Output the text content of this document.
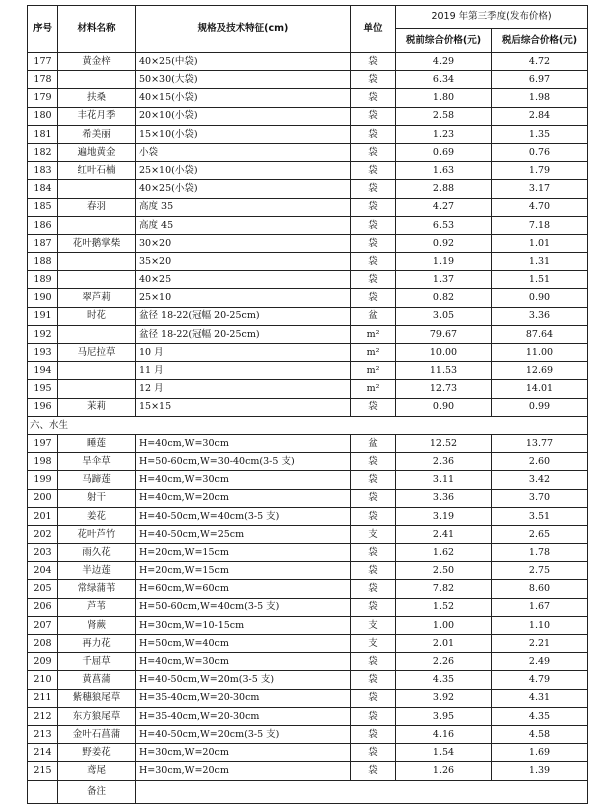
序号	材料名称	规格及技术特征(cm)	单位	2019 年第三季度(发布价格)	
				税前综合价格(元)	税后综合价格(元)
177	黄金梓	40×25(中袋)	袋	4.29	4.72
178		50×30(大袋)	袋	6.34	6.97
179	扶桑	40×15(小袋)	袋	1.80	1.98
180	丰花月季	20×10(小袋)	袋	2.58	2.84
181	希美丽	15×10(小袋)	袋	1.23	1.35
182	遍地黄金	小袋	袋	0.69	0.76
183	红叶石楠	25×10(小袋)	袋	1.63	1.79
184		40×25(小袋)	袋	2.88	3.17
185	春羽	高度 35	袋	4.27	4.70
186		高度 45	袋	6.53	7.18
187	花叶鹅掌柴	30×20	袋	0.92	1.01
188		35×20	袋	1.19	1.31
189		40×25	袋	1.37	1.51
190	翠芦莉	25×10	袋	0.82	0.90
191	时花	盆径 18-22(冠幅 20-25cm)	盆	3.05	3.36
192		盆径 18-22(冠幅 20-25cm)	m²	79.67	87.64
193	马尼拉草	10 月	m²	10.00	11.00
194		11 月	m²	11.53	12.69
195		12 月	m²	12.73	14.01
196	茉莉	15×15	袋	0.90	0.99
六、水生					
197	睡莲	H=40cm,W=30cm	盆	12.52	13.77
198	旱伞草	H=50-60cm,W=30-40cm(3-5 支)	袋	2.36	2.60
199	马蹄莲	H=40cm,W=30cm	袋	3.11	3.42
200	射干	H=40cm,W=20cm	袋	3.36	3.70
201	姜花	H=40-50cm,W=40cm(3-5 支)	袋	3.19	3.51
202	花叶芦竹	H=40-50cm,W=25cm	支	2.41	2.65
203	雨久花	H=20cm,W=15cm	袋	1.62	1.78
204	半边莲	H=20cm,W=15cm	袋	2.50	2.75
205	常绿蒲苇	H=60cm,W=60cm	袋	7.82	8.60
206	芦苇	H=50-60cm,W=40cm(3-5 支)	袋	1.52	1.67
207	肾蕨	H=30cm,W=10-15cm	支	1.00	1.10
208	再力花	H=50cm,W=40cm	支	2.01	2.21
209	千屈草	H=40cm,W=30cm	袋	2.26	2.49
210	黄菖蒲	H=40-50cm,W=20m(3-5 支)	袋	4.35	4.79
211	紫穗狼尾草	H=35-40cm,W=20-30cm	袋	3.92	4.31
212	东方狼尾草	H=35-40cm,W=20-30cm	袋	3.95	4.35
213	金叶石菖蒲	H=40-50cm,W=20cm(3-5 支)	袋	4.16	4.58
214	野姜花	H=30cm,W=20cm	袋	1.54	1.69
215	鸢尾	H=30cm,W=20cm	袋	1.26	1.39
	备注				
